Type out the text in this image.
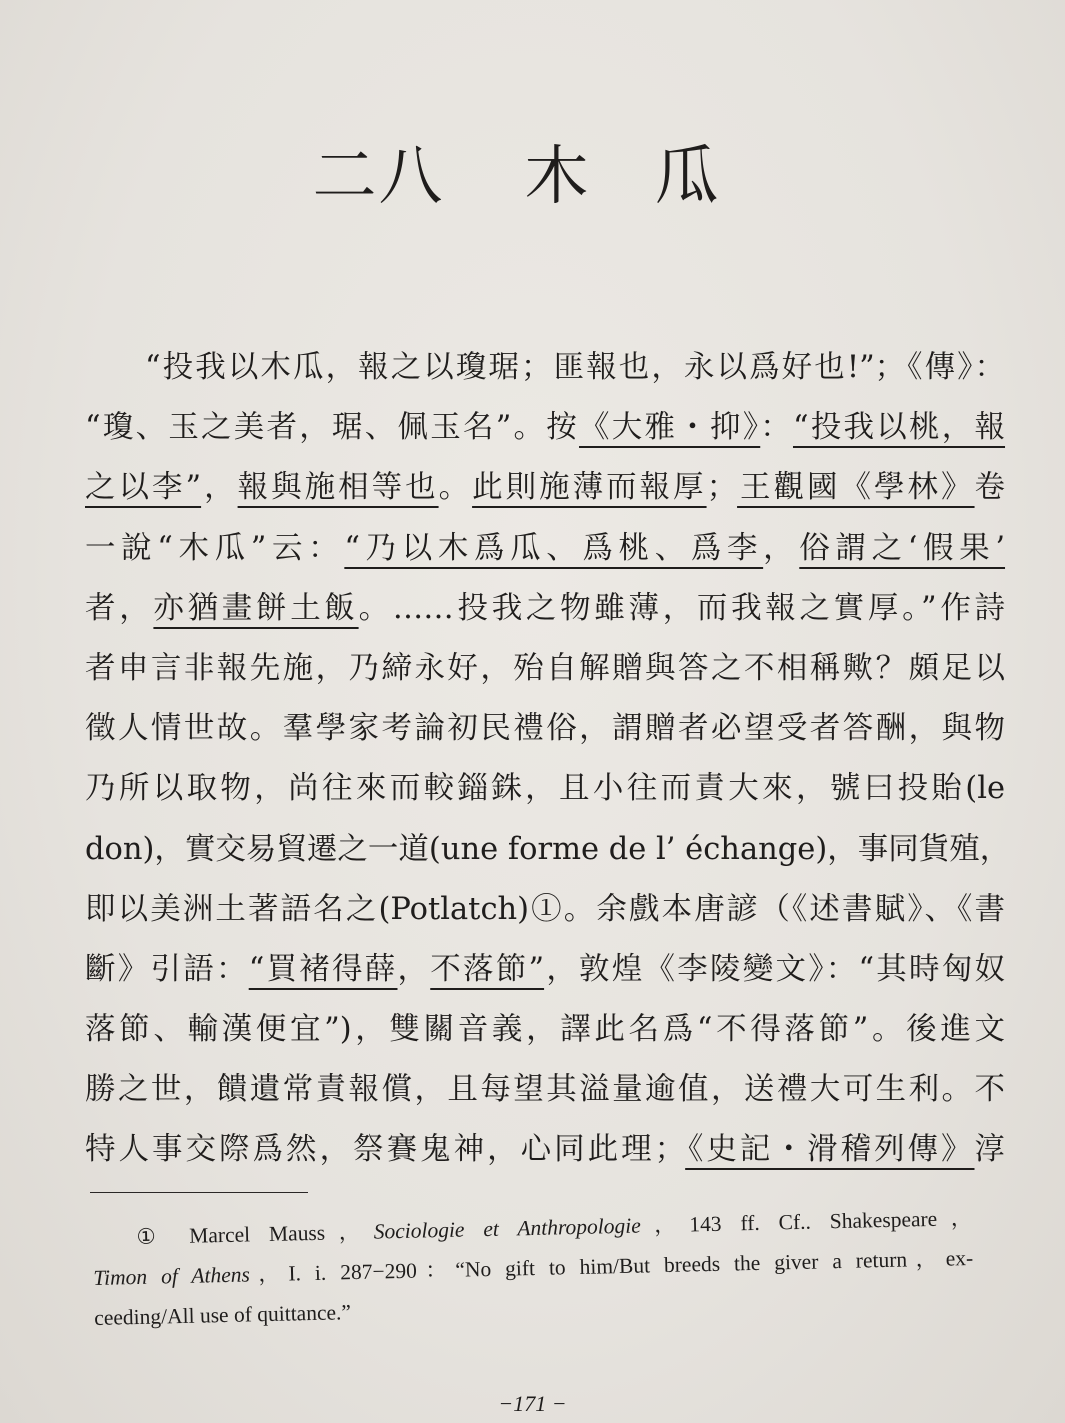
二八 木 瓜
“投我以木瓜，報之以瓊琚；匪報也，永以爲好也!”；《傳》：
“瓊、玉之美者，琚、佩玉名”。按《大雅・抑》：“投我以桃，報
之以李”，報與施相等也。此則施薄而報厚；王觀國《學林》卷
一說“木瓜”云：“乃以木爲瓜、爲桃、爲李，俗謂之‘假果’
者，亦猶畫餅土飯。……投我之物雖薄，而我報之實厚。”作詩
者申言非報先施，乃締永好，殆自解贈與答之不相稱歟？頗足以
徵人情世故。羣學家考論初民禮俗，謂贈者必望受者答酬，與物
乃所以取物，尚往來而較錙銖，且小往而責大來，號曰投貽(le
don)，實交易貿遷之一道(une forme de l’ échange)，事同貨殖，
即以美洲土著語名之(Potlatch)①。余戲本唐諺（《述書賦》、《書
斷》引語：“買褚得薛，不落節”，敦煌《李陵變文》：“其時匈奴
落節、輸漢便宜”)，雙關音義，譯此名爲“不得落節”。後進文
勝之世，饋遺常責報償，且每望其溢量逾值，送禮大可生利。不
特人事交際爲然，祭賽鬼神，心同此理；《史記・滑稽列傳》淳
① Marcel Mauss，Sociologie et Anthropologie，143 ff. Cf.. Shakespeare，
Timon of Athens，I. i. 287−290：“No gift to him/But breeds the giver a return，ex-
ceeding/All use of quittance.”
−171 −
